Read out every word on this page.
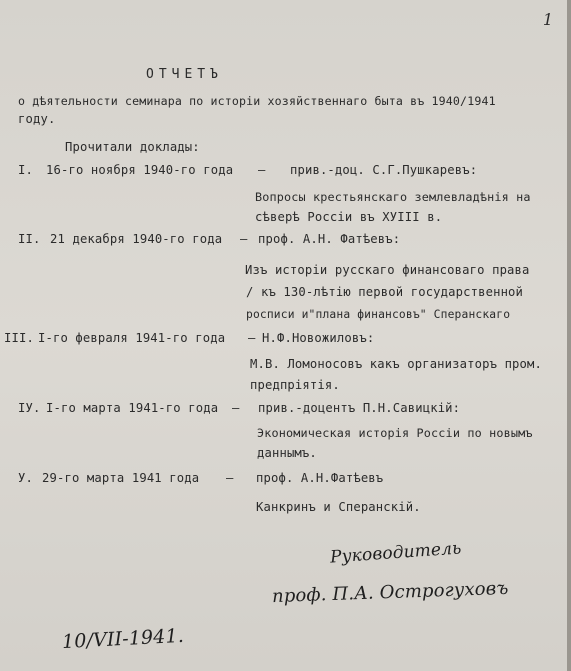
1
ОТЧЕТЪ
о дѣятельности семинара по исторiи хозяйственнаго быта въ 1940/1941
году.
Прочитали доклады:
I. 16-го ноября 1940-го года – прив.-доц. С.Г.Пушкаревъ:
Вопросы крестьянскаго землевладѣнiя на
сѣверѣ Россiи въ ХУIII в.
II. 21 декабря 1940-го года – проф. А.Н. Фатѣевъ:
Изъ исторiи русскаго финансоваго права
/ къ 130-лѣтiю первой государственной
росписи и"плана финансовъ" Сперанскаго
III. I-го февраля 1941-го года – Н.Ф.Новожиловъ:
М.В. Ломоносовъ какъ организаторъ пром.
предпрiятiя.
IУ. I-го марта 1941-го года – прив.-доцентъ П.Н.Савицкiй:
Экономическая исторiя Россiи по новымъ
даннымъ.
У. 29-го марта 1941 года – проф. А.Н.Фатѣевъ
Канкринъ и Сперанскiй.
Руководитель
проф. П.А. Острогуховъ
10/VII-1941.
